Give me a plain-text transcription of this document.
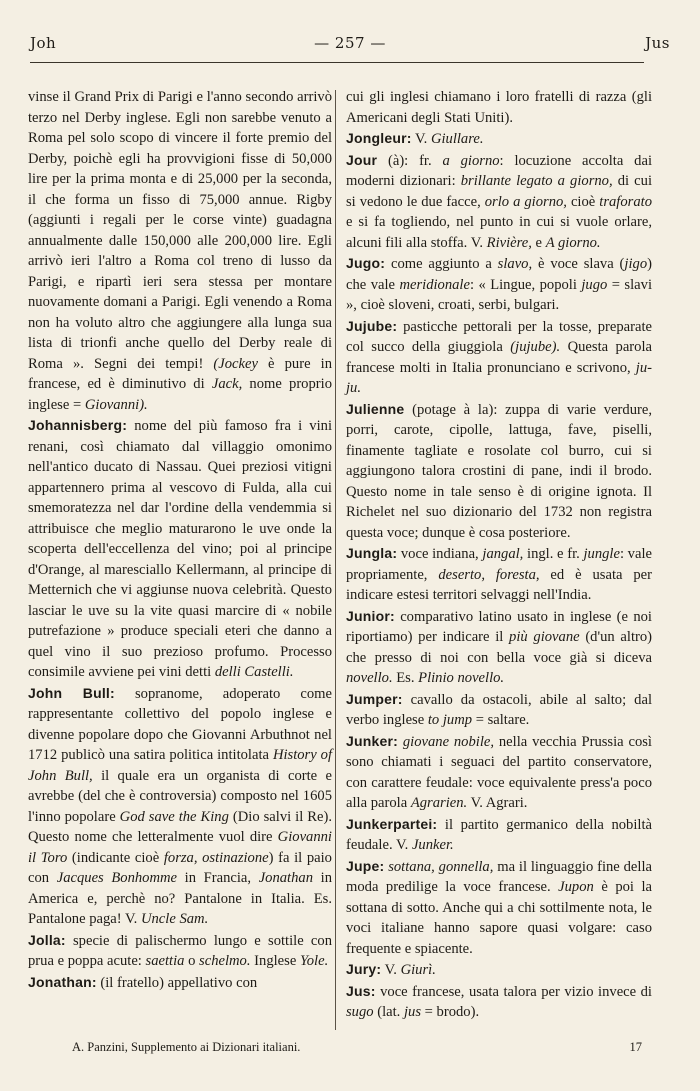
Joh	— 257 —	Jus

vinse il Grand Prix di Parigi e l'anno secondo arrivò terzo nel Derby inglese. Egli non sarebbe venuto a Roma pel solo scopo di vincere il forte premio del Derby, poichè egli ha provvigioni fisse di 50,000 lire per la prima monta e di 25,000 per la seconda, il che forma un fisso di 75,000 annue. Rigby (aggiunti i regali per le corse vinte) guadagna annualmente dalle 150,000 alle 200,000 lire. Egli arrivò ieri l'altro a Roma col treno di lusso da Parigi, e ripartì ieri sera stessa per montare nuovamente domani a Parigi. Egli venendo a Roma non ha voluto altro che aggiungere alla lunga sua lista di trionfi anche quello del Derby reale di Roma ». Segni dei tempi! (Jockey è pure in francese, ed è diminutivo di Jack, nome proprio inglese = Giovanni).

Johannisberg: nome del più famoso fra i vini renani, così chiamato dal villaggio omonimo nell'antico ducato di Nassau. Quei preziosi vitigni appartennero prima al vescovo di Fulda, alla cui smemoratezza nel dar l'ordine della vendemmia si attribuisce che meglio maturarono le uve onde la scoperta dell'eccellenza del vino; poi al principe d'Orange, al maresciallo Kellermann, al principe di Metternich che vi aggiunse nuova celebrità. Questo lasciar le uve su la vite quasi marcire di « nobile putrefazione » produce speciali eteri che danno a quel vino il suo prezioso profumo. Processo consimile avviene pei vini detti delli Castelli.

John Bull: sopranome, adoperato come rappresentante collettivo del popolo inglese e divenne popolare dopo che Giovanni Arbuthnot nel 1712 publicò una satira politica intitolata History of John Bull, il quale era un organista di corte e avrebbe (del che è controversia) composto nel 1605 l'inno popolare God save the King (Dio salvi il Re). Questo nome che letteralmente vuol dire Giovanni il Toro (indicante cioè forza, ostinazione) fa il paio con Jacques Bonhomme in Francia, Jonathan in America e, perchè no? Pantalone in Italia. Es. Pantalone paga! V. Uncle Sam.

Jolla: specie di palischermo lungo e sottile con prua e poppa acute: saettia o schelmo. Inglese Yole.

Jonathan: (il fratello) appellativo con

cui gli inglesi chiamano i loro fratelli di razza (gli Americani degli Stati Uniti).

Jongleur: V. Giullare.

Jour (à): fr. a giorno: locuzione accolta dai moderni dizionari: brillante legato a giorno, di cui si vedono le due facce, orlo a giorno, cioè traforato e si fa togliendo, nel punto in cui si vuole orlare, alcuni fili alla stoffa. V. Rivière, e A giorno.

Jugo: come aggiunto a slavo, è voce slava (jigo) che vale meridionale: « Lingue, popoli jugo = slavi », cioè sloveni, croati, serbi, bulgari.

Jujube: pasticche pettorali per la tosse, preparate col succo della giuggiola (jujube). Questa parola francese molti in Italia pronunciano e scrivono, ju-ju.

Julienne (potage à la): zuppa di varie verdure, porri, carote, cipolle, lattuga, fave, piselli, finamente tagliate e rosolate col burro, cui si aggiungono talora crostini di pane, indi il brodo. Questo nome in tale senso è di origine ignota. Il Richelet nel suo dizionario del 1732 non registra questa voce; dunque è cosa posteriore.

Jungla: voce indiana, jangal, ingl. e fr. jungle: vale propriamente, deserto, foresta, ed è usata per indicare estesi territori selvaggi nell'India.

Junior: comparativo latino usato in inglese (e noi riportiamo) per indicare il più giovane (d'un altro) che presso di noi con bella voce già si diceva novello. Es. Plinio novello.

Jumper: cavallo da ostacoli, abile al salto; dal verbo inglese to jump = saltare.

Junker: giovane nobile, nella vecchia Prussia così sono chiamati i seguaci del partito conservatore, con carattere feudale: voce equivalente press'a poco alla parola Agrarien. V. Agrari.

Junkerpartei: il partito germanico della nobiltà feudale. V. Junker.

Jupe: sottana, gonnella, ma il linguaggio fine della moda predilige la voce francese. Jupon è poi la sottana di sotto. Anche qui a chi sottilmente nota, le voci italiane hanno sapore quasi volgare: caso frequente e spiacente.

Jury: V. Giurì.

Jus: voce francese, usata talora per vizio invece di sugo (lat. jus = brodo).

A. Panzini, Supplemento ai Dizionari italiani.	17
